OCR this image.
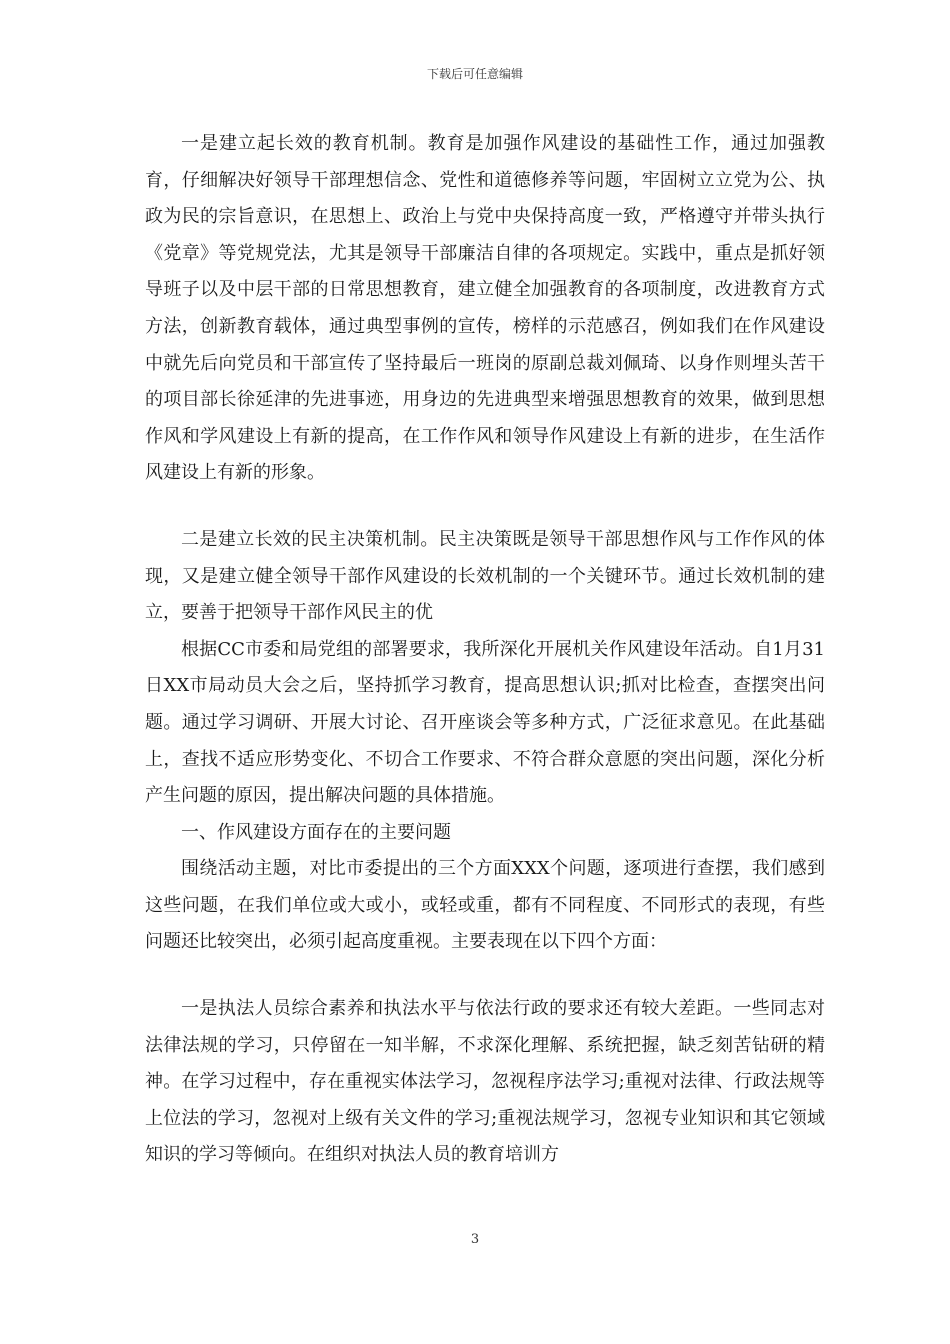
下载后可任意编辑

一是建立起长效的教育机制。教育是加强作风建设的基础性工作，通过加强教育，仔细解决好领导干部理想信念、党性和道德修养等问题，牢固树立立党为公、执政为民的宗旨意识，在思想上、政治上与党中央保持高度一致，严格遵守并带头执行《党章》等党规党法，尤其是领导干部廉洁自律的各项规定。实践中，重点是抓好领导班子以及中层干部的日常思想教育，建立健全加强教育的各项制度，改进教育方式方法，创新教育载体，通过典型事例的宣传，榜样的示范感召，例如我们在作风建设中就先后向党员和干部宣传了坚持最后一班岗的原副总裁刘佩琦、以身作则埋头苦干的项目部长徐延津的先进事迹，用身边的先进典型来增强思想教育的效果，做到思想作风和学风建设上有新的提高，在工作作风和领导作风建设上有新的进步，在生活作风建设上有新的形象。

二是建立长效的民主决策机制。民主决策既是领导干部思想作风与工作作风的体现，又是建立健全领导干部作风建设的长效机制的一个关键环节。通过长效机制的建立，要善于把领导干部作风民主的优

根据CC市委和局党组的部署要求，我所深化开展机关作风建设年活动。自1月31日XX市局动员大会之后，坚持抓学习教育，提高思想认识;抓对比检查，查摆突出问题。通过学习调研、开展大讨论、召开座谈会等多种方式，广泛征求意见。在此基础上，查找不适应形势变化、不切合工作要求、不符合群众意愿的突出问题，深化分析产生问题的原因，提出解决问题的具体措施。

一、作风建设方面存在的主要问题

围绕活动主题，对比市委提出的三个方面XXX个问题，逐项进行查摆，我们感到这些问题，在我们单位或大或小，或轻或重，都有不同程度、不同形式的表现，有些问题还比较突出，必须引起高度重视。主要表现在以下四个方面：

一是执法人员综合素养和执法水平与依法行政的要求还有较大差距。一些同志对法律法规的学习，只停留在一知半解，不求深化理解、系统把握，缺乏刻苦钻研的精神。在学习过程中，存在重视实体法学习，忽视程序法学习;重视对法律、行政法规等上位法的学习，忽视对上级有关文件的学习;重视法规学习，忽视专业知识和其它领域知识的学习等倾向。在组织对执法人员的教育培训方

3
